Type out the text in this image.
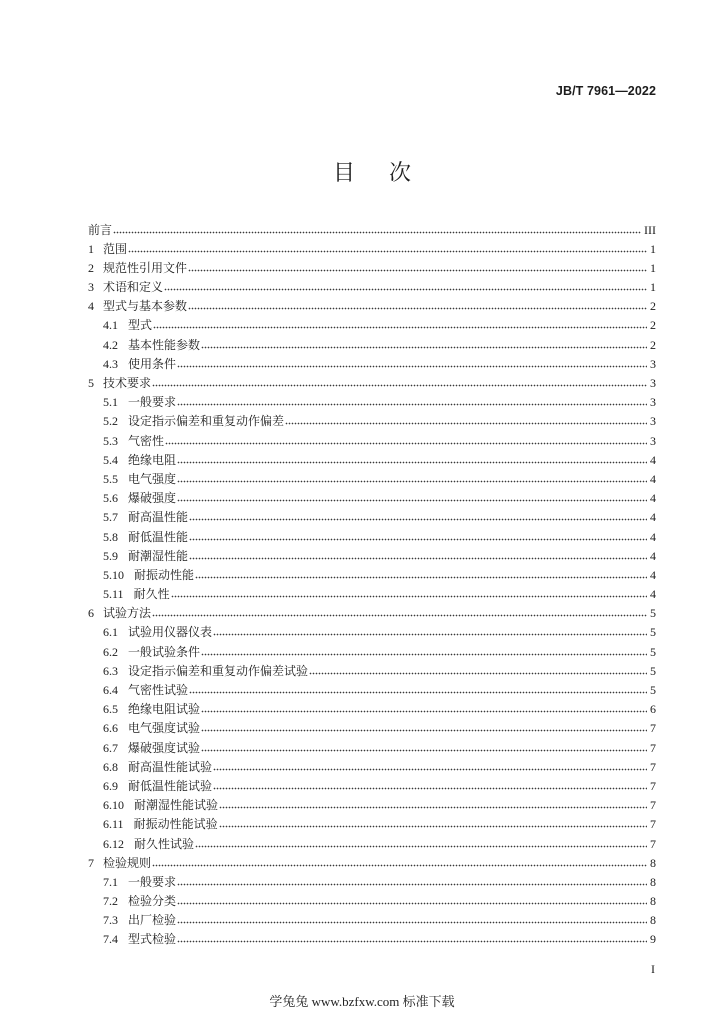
JB/T 7961—2022
目　次
前言	III
1 范围	1
2 规范性引用文件	1
3 术语和定义	1
4 型式与基本参数	2
4.1 型式	2
4.2 基本性能参数	2
4.3 使用条件	3
5 技术要求	3
5.1 一般要求	3
5.2 设定指示偏差和重复动作偏差	3
5.3 气密性	3
5.4 绝缘电阻	4
5.5 电气强度	4
5.6 爆破强度	4
5.7 耐高温性能	4
5.8 耐低温性能	4
5.9 耐潮湿性能	4
5.10 耐振动性能	4
5.11 耐久性	4
6 试验方法	5
6.1 试验用仪器仪表	5
6.2 一般试验条件	5
6.3 设定指示偏差和重复动作偏差试验	5
6.4 气密性试验	5
6.5 绝缘电阻试验	6
6.6 电气强度试验	7
6.7 爆破强度试验	7
6.8 耐高温性能试验	7
6.9 耐低温性能试验	7
6.10 耐潮湿性能试验	7
6.11 耐振动性能试验	7
6.12 耐久性试验	7
7 检验规则	8
7.1 一般要求	8
7.2 检验分类	8
7.3 出厂检验	8
7.4 型式检验	9
I
学兔兔 www.bzfxw.com 标准下载
